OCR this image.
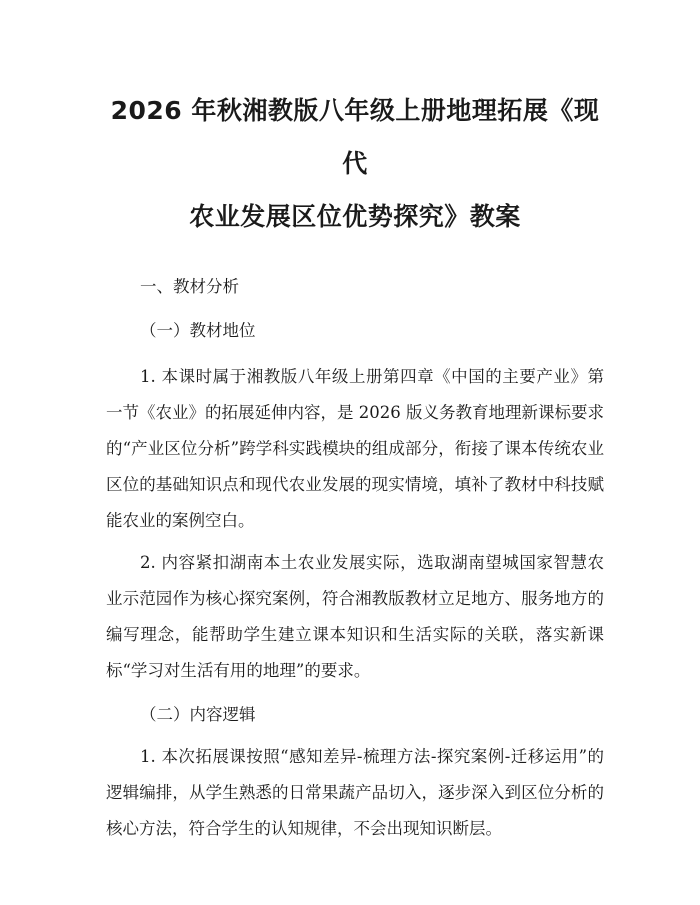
2026 年秋湘教版八年级上册地理拓展《现代
农业发展区位优势探究》教案
一、教材分析
（一）教材地位

1. 本课时属于湘教版八年级上册第四章《中国的主要产业》第一节《农业》的拓展延伸内容，是 2026 版义务教育地理新课标要求的“产业区位分析”跨学科实践模块的组成部分，衔接了课本传统农业区位的基础知识点和现代农业发展的现实情境，填补了教材中科技赋能农业的案例空白。

2. 内容紧扣湖南本土农业发展实际，选取湖南望城国家智慧农业示范园作为核心探究案例，符合湘教版教材立足地方、服务地方的编写理念，能帮助学生建立课本知识和生活实际的关联，落实新课标“学习对生活有用的地理”的要求。

（二）内容逻辑

1. 本次拓展课按照“感知差异-梳理方法-探究案例-迁移运用”的逻辑编排，从学生熟悉的日常果蔬产品切入，逐步深入到区位分析的核心方法，符合学生的认知规律，不会出现知识断层。
